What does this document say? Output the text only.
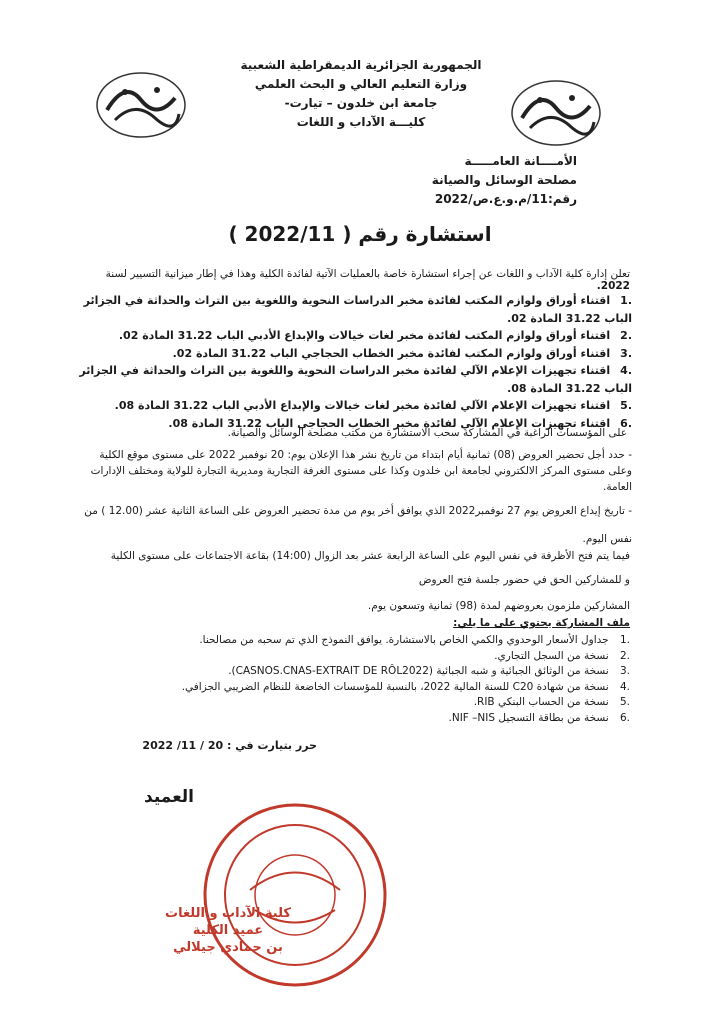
الجمهورية الجزائرية الديمقراطية الشعبية
وزارة التعليم العالي و البحث العلمي
جامعة ابن خلدون – تيارت-
كليـــة الآداب و اللغات
الأمــــانة العامـــــة
مصلحة الوسائل والصيانة
رقم:11/م.و.ع.ص/2022
استشارة رقم ( 2022/11 )
تعلن إدارة كلية الآداب و اللغات عن إجراء استشارة خاصة بالعمليات الآتية لفائدة الكلية وهذا في إطار ميزانية التسيير لسنة 2022.
.1 اقتناء أوراق ولوازم المكتب لفائدة مخبر الدراسات النحوية واللغوية بين التراث والحداثة في الجزائر الباب 31.22 المادة 02.
.2 اقتناء أوراق ولوازم المكتب لفائدة مخبر لغات خيالات والإبداع الأدبي الباب 31.22 المادة 02.
.3 اقتناء أوراق ولوازم المكتب لفائدة مخبر الخطاب الحجاجي الباب 31.22 المادة 02.
.4 اقتناء تجهيزات الإعلام الآلي لفائدة مخبر الدراسات النحوية واللغوية بين التراث والحداثة في الجزائر الباب 31.22 المادة 08.
.5 اقتناء تجهيزات الإعلام الآلي لفائدة مخبر لغات خيالات والإبداع الأدبي الباب 31.22 المادة 08.
.6 اقتناء تجهيزات الإعلام الآلي لفائدة مخبر الخطاب الحجاجي الباب 31.22 المادة 08.
على المؤسسات الراغبة في المشاركة سحب الاستشارة من مكتب مصلحة الوسائل والصيانة.
- حدد أجل تحضير العروض (08) ثمانية أيام ابتداء من تاريخ نشر هذا الإعلان يوم: 20 نوفمبر 2022 على مستوى موقع الكلية
وعلى مستوى المركز الالكتروني لجامعة ابن خلدون وكذا على مستوى الغرفة التجارية ومديرية التجارة للولاية ومختلف الإدارات
العامة.
- تاريخ إيداع العروض يوم 27 نوفمبر2022 الذي يوافق أخر يوم من مدة تحضير العروض على الساعة الثانية عشر (12.00 ) من
نفس اليوم.
فيما يتم فتح الأظرفة في نفس اليوم على الساعة الرابعة عشر بعد الزوال (14:00) بقاعة الاجتماعات على مستوى الكلية
و للمشاركين الحق في حضور جلسة فتح العروض
المشاركين ملزمون بعروضهم لمدة (98) ثمانية وتسعون يوم.
ملف المشاركة يحتوي على ما يلي:
.1 جداول الأسعار الوحدوي والكمي الخاص بالاستشارة. يوافق النموذج الذي تم سحبه من مصالحنا.
.2 نسخة من السجل التجاري.
.3 نسخة من الوثائق الجبائية و شبه الجبائية (CASNOS.CNAS-EXTRAIT DE RÔL2022).
.4 نسخة من شهادة C20 للسنة المالية 2022، بالنسبة للمؤسسات الخاضعة للنظام الضريبي الجزافي.
.5 نسخة من الحساب البنكي RIB.
.6 نسخة من بطاقة التسجيل NIF –NIS.
حرر بتيارت في : 20 / 11/ 2022
العميد
كلية الآداب و اللغات
عميد الكلية
بن حمادي جيلالي
